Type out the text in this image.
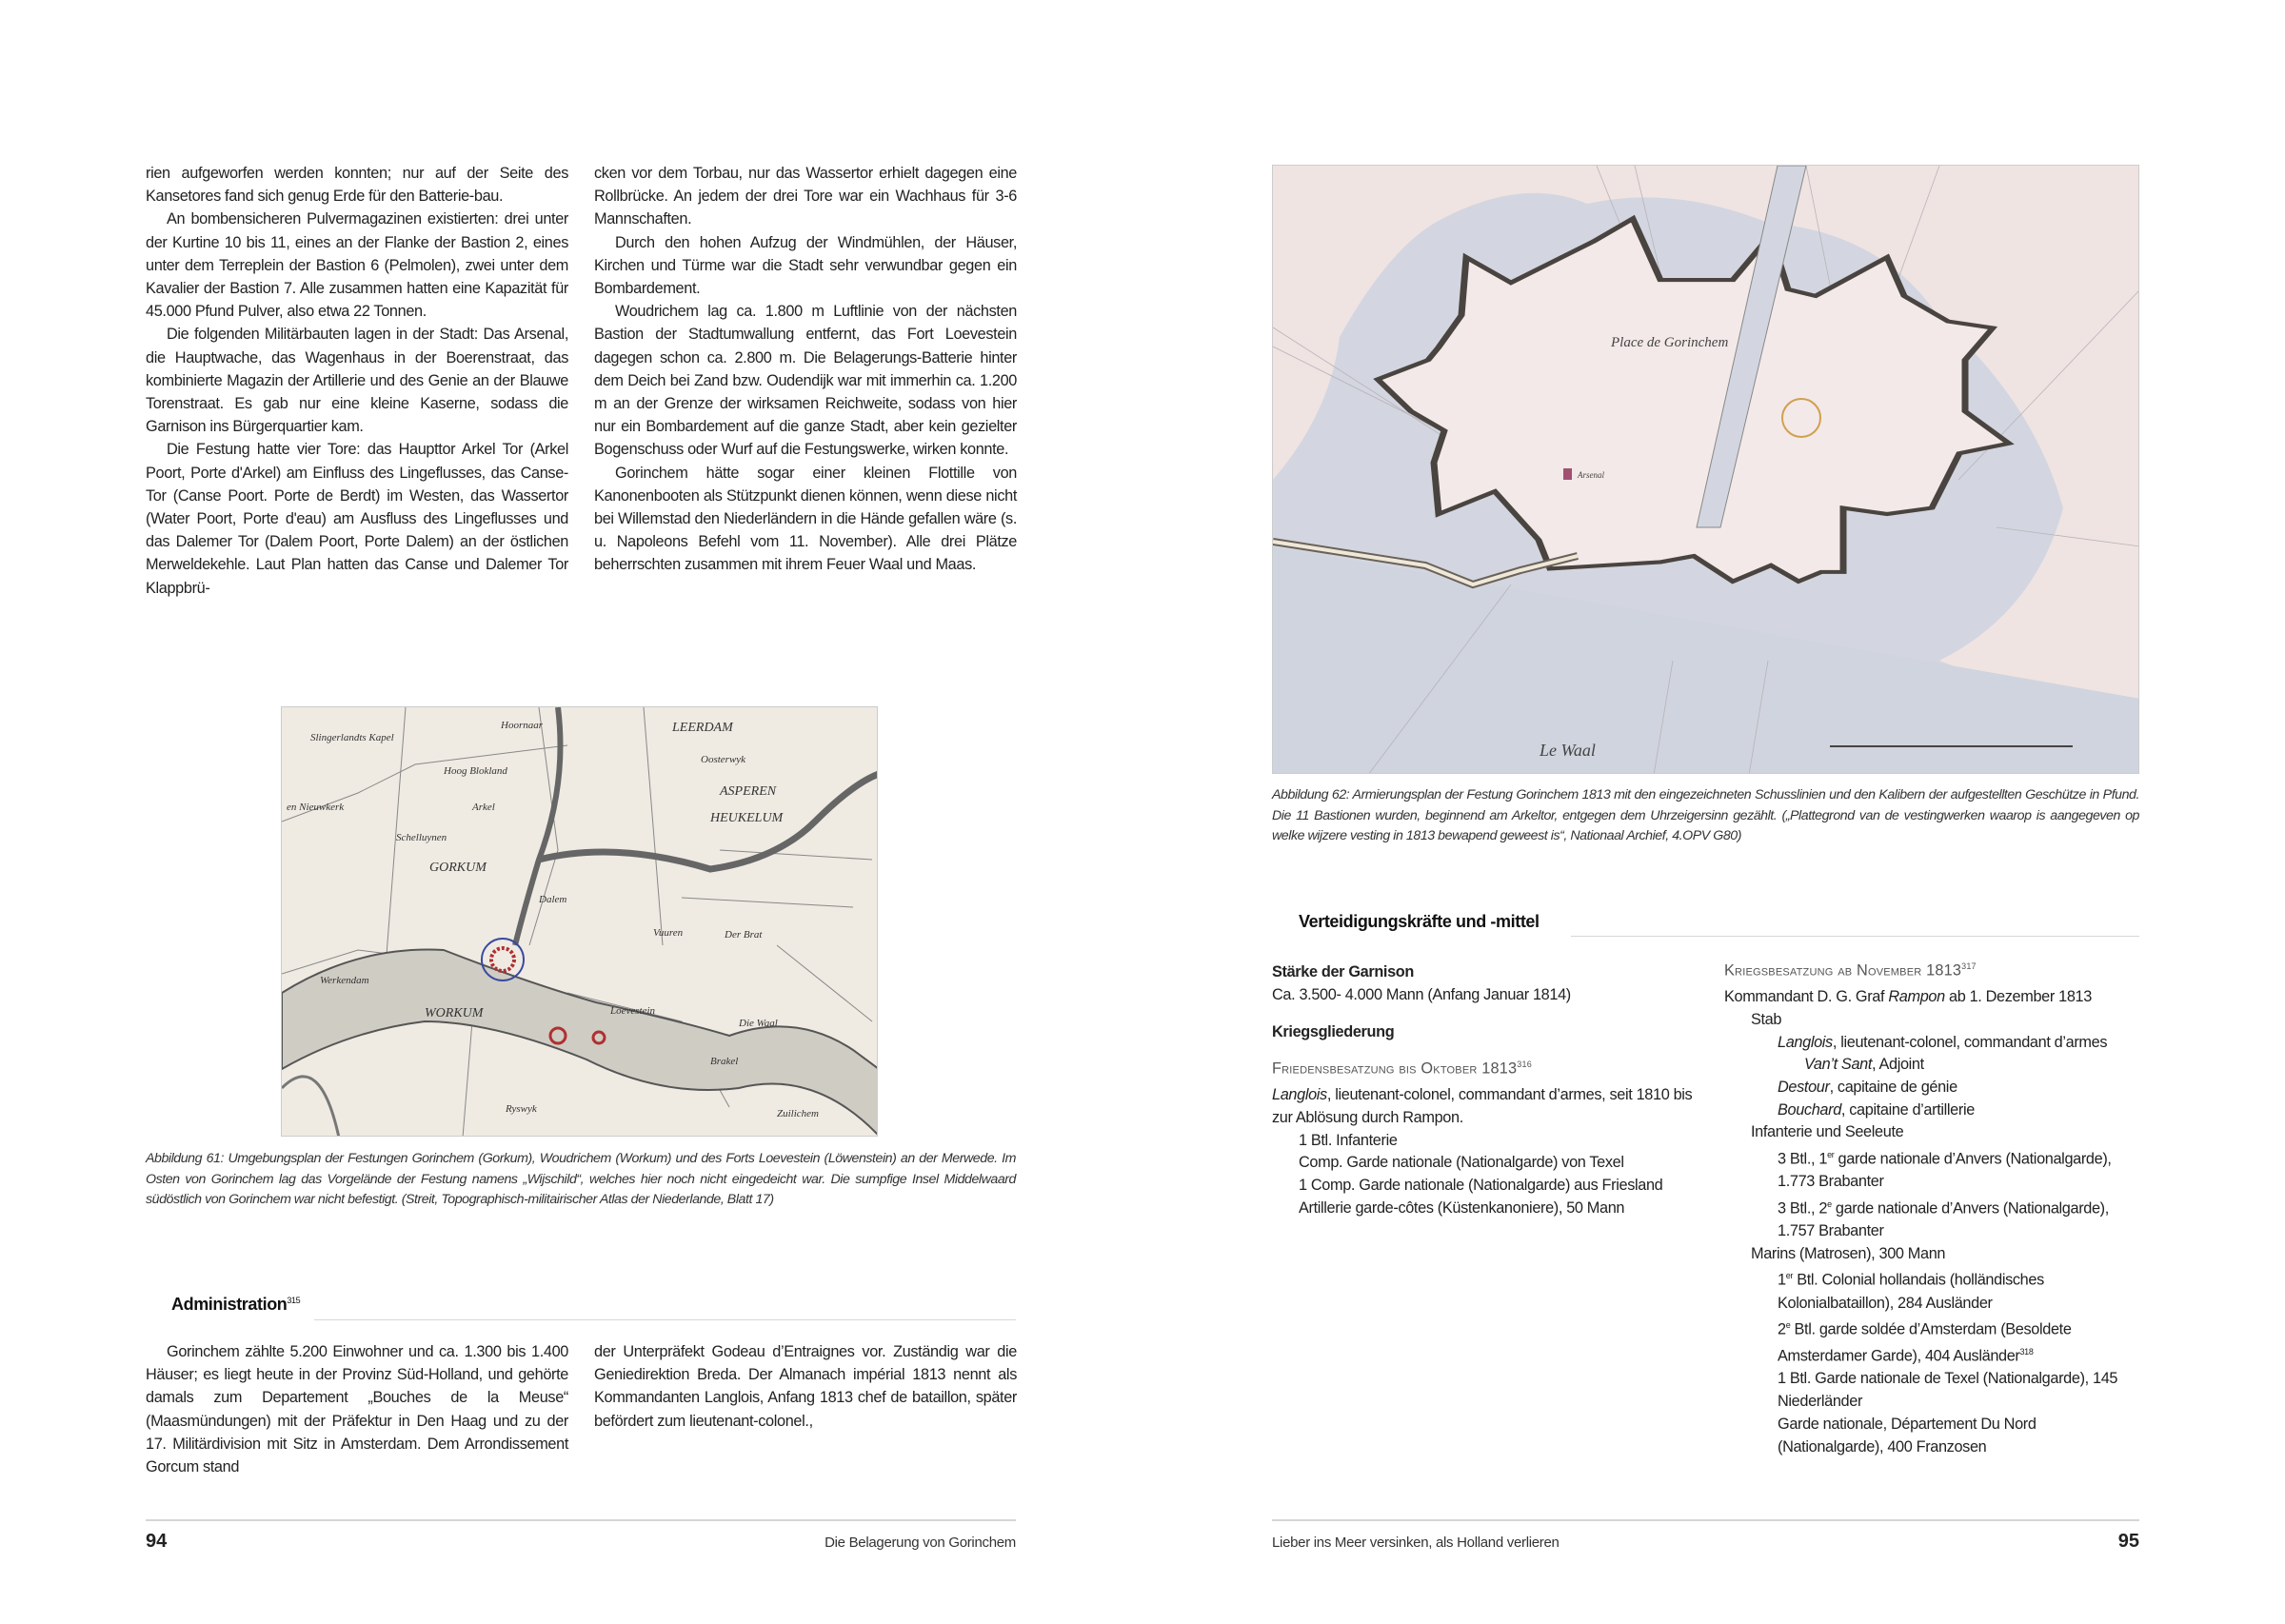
rien aufgeworfen werden konnten; nur auf der Seite des Kansetores fand sich genug Erde für den Batterie-bau.

An bombensicheren Pulvermagazinen existierten: drei unter der Kurtine 10 bis 11, eines an der Flanke der Bastion 2, eines unter dem Terreplein der Bastion 6 (Pelmolen), zwei unter dem Kavalier der Bastion 7. Alle zusammen hatten eine Kapazität für 45.000 Pfund Pulver, also etwa 22 Tonnen.

Die folgenden Militärbauten lagen in der Stadt: Das Arsenal, die Hauptwache, das Wagenhaus in der Boerenstraat, das kombinierte Magazin der Artillerie und des Genie an der Blauwe Torenstraat. Es gab nur eine kleine Kaserne, sodass die Garnison ins Bürgerquartier kam.

Die Festung hatte vier Tore: das Haupttor Arkel Tor (Arkel Poort, Porte d'Arkel) am Einfluss des Lingeflusses, das Canse-Tor (Canse Poort. Porte de Berdt) im Westen, das Wassertor (Water Poort, Porte d'eau) am Ausfluss des Lingeflusses und das Dalemer Tor (Dalem Poort, Porte Dalem) an der östlichen Merweldekehle. Laut Plan hatten das Canse und Dalemer Tor Klappbrü-

cken vor dem Torbau, nur das Wassertor erhielt dagegen eine Rollbrücke. An jedem der drei Tore war ein Wachhaus für 3-6 Mannschaften.

Durch den hohen Aufzug der Windmühlen, der Häuser, Kirchen und Türme war die Stadt sehr verwundbar gegen ein Bombardement.

Woudrichem lag ca. 1.800 m Luftlinie von der nächsten Bastion der Stadtumwallung entfernt, das Fort Loevestein dagegen schon ca. 2.800 m. Die Belagerungs-Batterie hinter dem Deich bei Zand bzw. Oudendijk war mit immerhin ca. 1.200 m an der Grenze der wirksamen Reichweite, sodass von hier nur ein Bombardement auf die ganze Stadt, aber kein gezielter Bogenschuss oder Wurf auf die Festungswerke, wirken konnte.

Gorinchem hätte sogar einer kleinen Flottille von Kanonenbooten als Stützpunkt dienen können, wenn diese nicht bei Willemstad den Niederländern in die Hände gefallen wäre (s. u. Napoleons Befehl vom 11. November). Alle drei Plätze beherrschten zusammen mit ihrem Feuer Waal und Maas.

Slingerlandts Kapel
Hoornaar
Hoog Blokland
LEERDAM
Oosterwyk
ASPEREN
HEUKELUM
Arkel
Schelluynen
GORKUM
Dalem
Vuuren	Der Brat
WORKUM	Loevestein
Die Waal
Ryswyk
Brakel
Zuilichem
Werkendam
en Nieuwkerk
Abbildung 61: Umgebungsplan der Festungen Gorinchem (Gorkum), Woudrichem (Workum) und des Forts Loevestein (Löwenstein) an der Merwede. Im Osten von Gorinchem lag das Vorgelände der Festung namens „Wijschild“, welches hier noch nicht eingedeicht war. Die sumpfige Insel Middelwaard südöstlich von Gorinchem war nicht befestigt. (Streit, Topographisch-militairischer Atlas der Niederlande, Blatt 17)
Administration$^{315}$

Gorinchem zählte 5.200 Einwohner und ca. 1.300 bis 1.400 Häuser; es liegt heute in der Provinz Süd-Holland, und gehörte damals zum Departement „Bouches de la Meuse“ (Maasmündungen) mit der Präfektur in Den Haag und zu der 17. Militärdivision mit Sitz in Amsterdam. Dem Arrondissement Gorcum stand

der Unterpräfekt Godeau d’Entraignes vor. Zuständig war die Geniedirektion Breda. Der Almanach impérial 1813 nennt als Kommandanten Langlois, Anfang 1813 chef de bataillon, später befördert zum lieutenant-colonel.,

94	Die Belagerung von Gorinchem
Place de Gorinchem
Le Waal
Arsenal
Abbildung 62: Armierungsplan der Festung Gorinchem 1813 mit den eingezeichneten Schusslinien und den Kalibern der aufgestellten Geschütze in Pfund. Die 11 Bastionen wurden, beginnend am Arkeltor, entgegen dem Uhrzeigersinn gezählt. („Plattegrond van de vestingwerken waarop is aangegeven op welke wijzere vesting in 1813 bewapend geweest is“, Nationaal Archief, 4.OPV G80)
Verteidigungskräfte und -mittel
Stärke der Garnison
Ca. 3.500- 4.000 Mann (Anfang Januar 1814)
Kriegsgliederung
Friedensbesatzung bis Oktober 1813$^{316}$
Langlois, lieutenant-colonel, commandant d’armes, seit 1810 bis zur Ablösung durch Rampon.
1 Btl. Infanterie
Comp. Garde nationale (Nationalgarde) von Texel
1 Comp. Garde nationale (Nationalgarde) aus Friesland
Artillerie garde-côtes (Küstenkanoniere), 50 Mann
Kriegsbesatzung ab November 1813$^{317}$
Kommandant D. G. Graf Rampon ab 1. Dezember 1813
Stab
Langlois, lieutenant-colonel, commandant d’armes
Van’t Sant, Adjoint
Destour, capitaine de génie
Bouchard, capitaine d’artillerie
Infanterie und Seeleute
3 Btl., 1er garde nationale d’Anvers (Nationalgarde), 1.773 Brabanter
3 Btl., 2e garde nationale d’Anvers (Nationalgarde), 1.757 Brabanter
Marins (Matrosen), 300 Mann
1er Btl. Colonial hollandais (holländisches Kolonialbataillon), 284 Ausländer
2e Btl. garde soldée d’Amsterdam (Besoldete Amsterdamer Garde), 404 Ausländer$^{318}$
1 Btl. Garde nationale de Texel (Nationalgarde), 145 Niederländer
Garde nationale, Département Du Nord (Nationalgarde), 400 Franzosen
Lieber ins Meer versinken, als Holland verlieren	95
